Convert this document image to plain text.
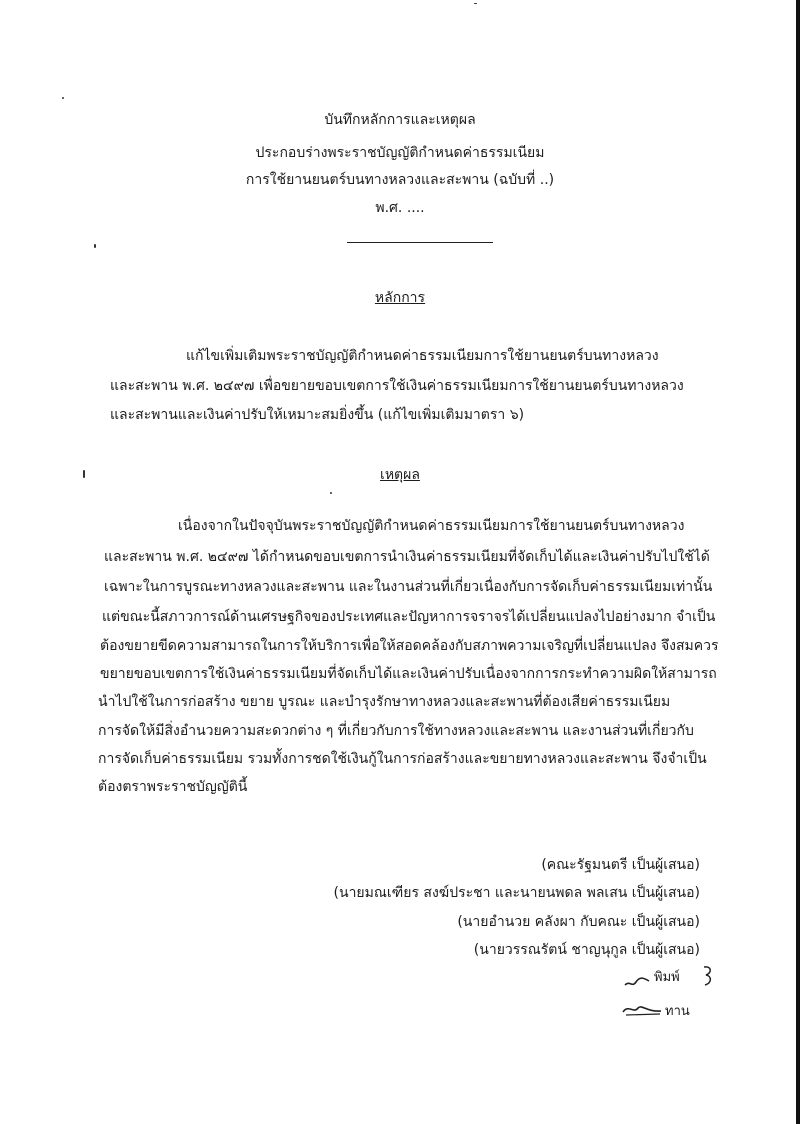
บันทึกหลักการและเหตุผล
ประกอบร่างพระราชบัญญัติกำหนดค่าธรรมเนียม
การใช้ยานยนตร์บนทางหลวงและสะพาน (ฉบับที่ ..)
พ.ศ. ....
หลักการ
แก้ไขเพิ่มเติมพระราชบัญญัติกำหนดค่าธรรมเนียมการใช้ยานยนตร์บนทางหลวง
และสะพาน พ.ศ. ๒๔๙๗ เพื่อขยายขอบเขตการใช้เงินค่าธรรมเนียมการใช้ยานยนตร์บนทางหลวง
และสะพานและเงินค่าปรับให้เหมาะสมยิ่งขึ้น (แก้ไขเพิ่มเติมมาตรา ๖)
เหตุผล
เนื่องจากในปัจจุบันพระราชบัญญัติกำหนดค่าธรรมเนียมการใช้ยานยนตร์บนทางหลวง
และสะพาน พ.ศ. ๒๔๙๗ ได้กำหนดขอบเขตการนำเงินค่าธรรมเนียมที่จัดเก็บได้และเงินค่าปรับไปใช้ได้
เฉพาะในการบูรณะทางหลวงและสะพาน และในงานส่วนที่เกี่ยวเนื่องกับการจัดเก็บค่าธรรมเนียมเท่านั้น
แต่ขณะนี้สภาวการณ์ด้านเศรษฐกิจของประเทศและปัญหาการจราจรได้เปลี่ยนแปลงไปอย่างมาก จำเป็น
ต้องขยายขีดความสามารถในการให้บริการเพื่อให้สอดคล้องกับสภาพความเจริญที่เปลี่ยนแปลง จึงสมควร
ขยายขอบเขตการใช้เงินค่าธรรมเนียมที่จัดเก็บได้และเงินค่าปรับเนื่องจากการกระทำความผิดให้สามารถ
นำไปใช้ในการก่อสร้าง ขยาย บูรณะ และบำรุงรักษาทางหลวงและสะพานที่ต้องเสียค่าธรรมเนียม
การจัดให้มีสิ่งอำนวยความสะดวกต่าง ๆ ที่เกี่ยวกับการใช้ทางหลวงและสะพาน และงานส่วนที่เกี่ยวกับ
การจัดเก็บค่าธรรมเนียม รวมทั้งการชดใช้เงินกู้ในการก่อสร้างและขยายทางหลวงและสะพาน จึงจำเป็น
ต้องตราพระราชบัญญัตินี้
(คณะรัฐมนตรี เป็นผู้เสนอ)
(นายมณเฑียร สงฆ์ประชา และนายนพดล พลเสน เป็นผู้เสนอ)
(นายอำนวย คลังผา กับคณะ เป็นผู้เสนอ)
(นายวรรณรัตน์ ชาญนุกูล เป็นผู้เสนอ)
พิมพ์
ทาน
